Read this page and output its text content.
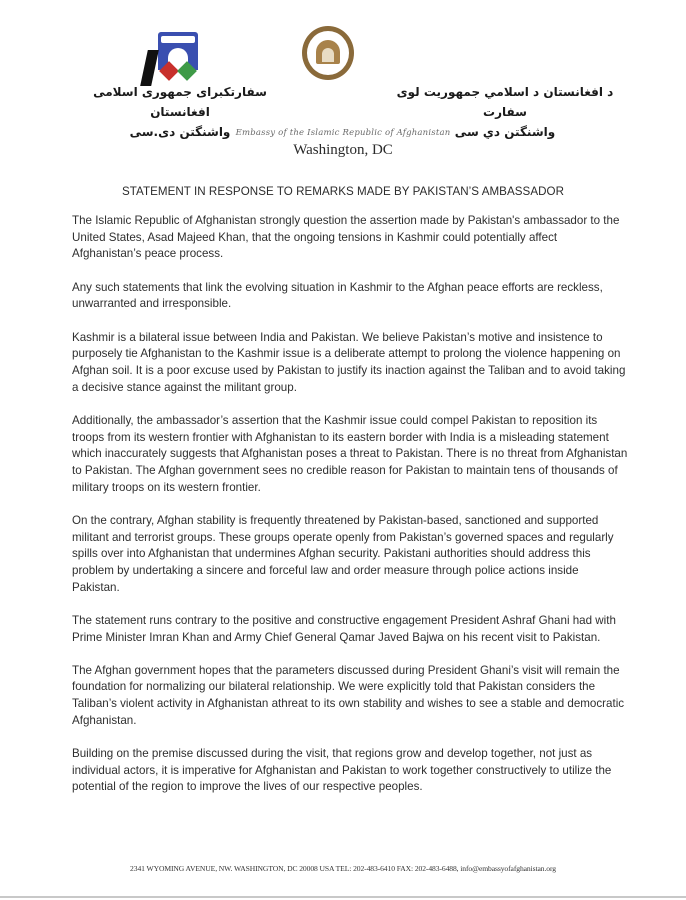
سفارتکبرای جمهوری اسلامی افغانستان
واشنگتن دی.سی
د افغانستان د اسلامي جمهوريت لوی سفارت
واشنگتن دي سی
Embassy of the Islamic Republic of Afghanistan
Washington, DC
STATEMENT IN RESPONSE TO REMARKS MADE BY PAKISTAN’S AMBASSADOR

The Islamic Republic of Afghanistan strongly question the assertion made by Pakistan's ambassador to the United States, Asad Majeed Khan, that the ongoing tensions in Kashmir could potentially affect Afghanistan’s peace process.

Any such statements that link the evolving situation in Kashmir to the Afghan peace efforts are reckless, unwarranted and irresponsible.

Kashmir is a bilateral issue between India and Pakistan. We believe Pakistan’s motive and insistence to purposely tie Afghanistan to the Kashmir issue is a deliberate attempt to prolong the violence happening on Afghan soil. It is a poor excuse used by Pakistan to justify its inaction against the Taliban and to avoid taking a decisive stance against the militant group.

Additionally, the ambassador’s assertion that the Kashmir issue could compel Pakistan to reposition its troops from its western frontier with Afghanistan to its eastern border with India is a misleading statement which inaccurately suggests that Afghanistan poses a threat to Pakistan. There is no threat from Afghanistan to Pakistan. The Afghan government sees no credible reason for Pakistan to maintain tens of thousands of military troops on its western frontier.

On the contrary, Afghan stability is frequently threatened by Pakistan-based, sanctioned and supported militant and terrorist groups. These groups operate openly from Pakistan’s governed spaces and regularly spills over into Afghanistan that undermines Afghan security. Pakistani authorities should address this problem by undertaking a sincere and forceful law and order measure through police actions inside Pakistan.

The statement runs contrary to the positive and constructive engagement President Ashraf Ghani had with Prime Minister Imran Khan and Army Chief General Qamar Javed Bajwa on his recent visit to Pakistan.

The Afghan government hopes that the parameters discussed during President Ghani’s visit will remain the foundation for normalizing our bilateral relationship. We were explicitly told that Pakistan considers the Taliban’s violent activity in Afghanistan athreat to its own stability and wishes to see a stable and democratic Afghanistan.

Building on the premise discussed during the visit, that regions grow and develop together, not just as individual actors, it is imperative for Afghanistan and Pakistan to work together constructively to utilize the potential of the region to improve the lives of our respective peoples.

2341 WYOMING AVENUE, NW. WASHINGTON, DC 20008 USA TEL: 202-483-6410 FAX: 202-483-6488, info@embassyofafghanistan.org
